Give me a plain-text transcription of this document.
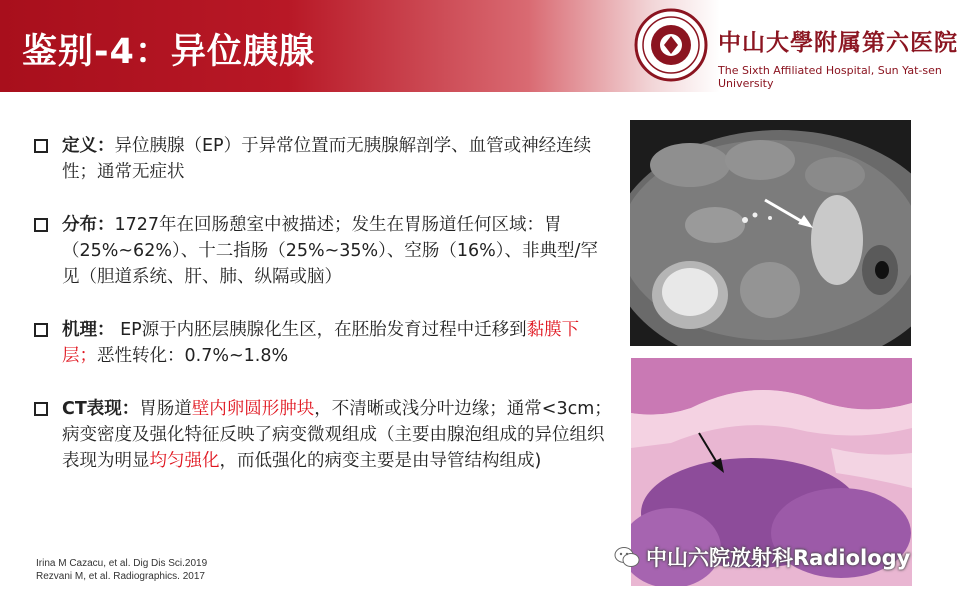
鉴别-4：异位胰腺	中山大學附属第六医院
The Sixth Affiliated Hospital, Sun Yat-sen University
定义：异位胰腺（EP）于异常位置而无胰腺解剖学、血管或神经连续性；通常无症状
分布：1727年在回肠憩室中被描述；发生在胃肠道任何区域：胃（25%~62%）、十二指肠（25%~35%）、空肠（16%）、非典型/罕见（胆道系统、肝、肺、纵隔或脑）
机理： EP源于内胚层胰腺化生区，在胚胎发育过程中迁移到黏膜下层；恶性转化：0.7%~1.8%
CT表现：胃肠道壁内卵圆形肿块，不清晰或浅分叶边缘；通常<3cm；病变密度及强化特征反映了病变微观组成（主要由腺泡组成的异位组织表现为明显均匀强化，而低强化的病变主要是由导管结构组成)
Irina M Cazacu, et al. Dig Dis Sci.2019
Rezvani M, et al. Radiographics. 2017
中山六院放射科Radiology
